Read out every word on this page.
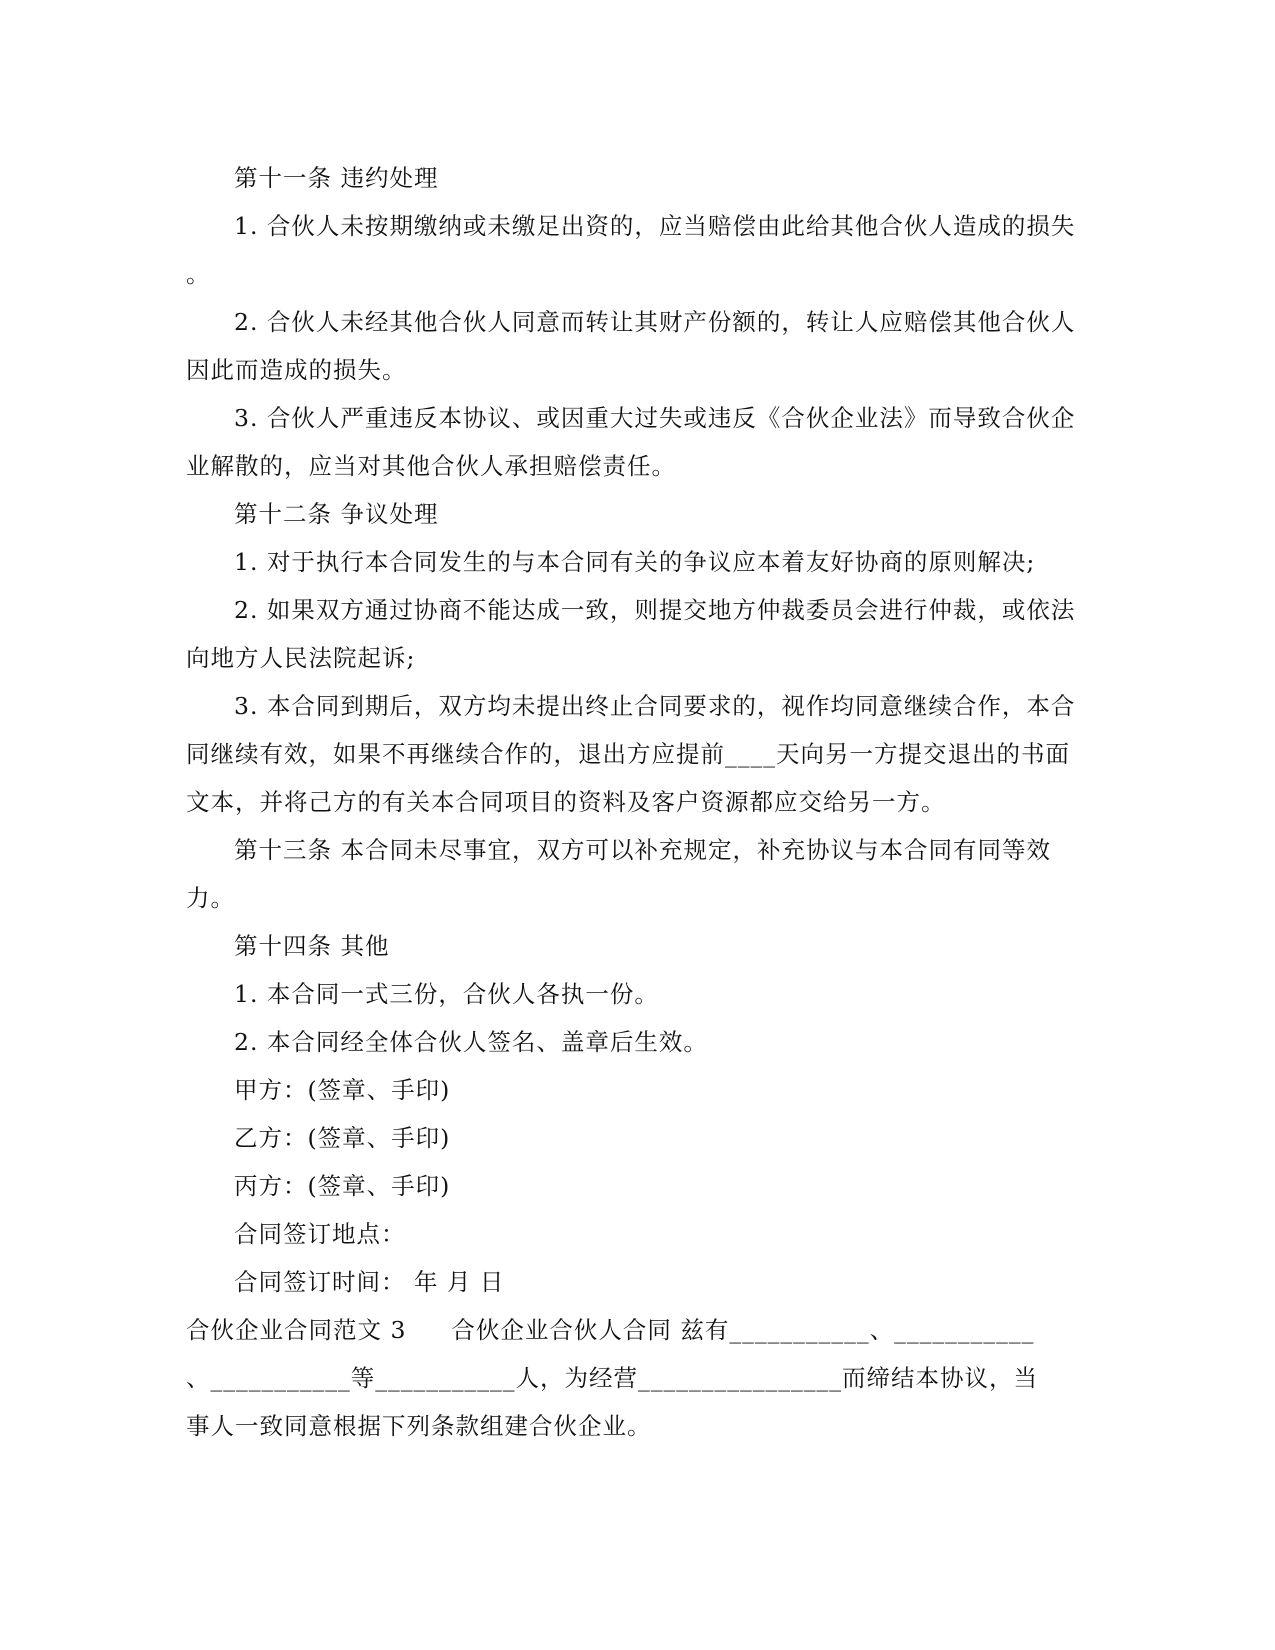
第十一条 违约处理
1. 合伙人未按期缴纳或未缴足出资的，应当赔偿由此给其他合伙人造成的损失
。
2. 合伙人未经其他合伙人同意而转让其财产份额的，转让人应赔偿其他合伙人
因此而造成的损失。
3. 合伙人严重违反本协议、或因重大过失或违反《合伙企业法》而导致合伙企
业解散的，应当对其他合伙人承担赔偿责任。
第十二条 争议处理
1. 对于执行本合同发生的与本合同有关的争议应本着友好协商的原则解决;
2. 如果双方通过协商不能达成一致，则提交地方仲裁委员会进行仲裁，或依法
向地方人民法院起诉;
3. 本合同到期后，双方均未提出终止合同要求的，视作均同意继续合作，本合
同继续有效，如果不再继续合作的，退出方应提前____天向另一方提交退出的书面
文本，并将己方的有关本合同项目的资料及客户资源都应交给另一方。
第十三条 本合同未尽事宜，双方可以补充规定，补充协议与本合同有同等效
力。
第十四条 其他
1. 本合同一式三份，合伙人各执一份。
2. 本合同经全体合伙人签名、盖章后生效。
甲方：(签章、手印)
乙方：(签章、手印)
丙方：(签章、手印)
合同签订地点：
合同签订时间： 年 月 日
合伙企业合同范文 3 合伙企业合伙人合同 兹有___________、___________
、___________等___________人，为经营________________而缔结本协议，当
事人一致同意根据下列条款组建合伙企业。
